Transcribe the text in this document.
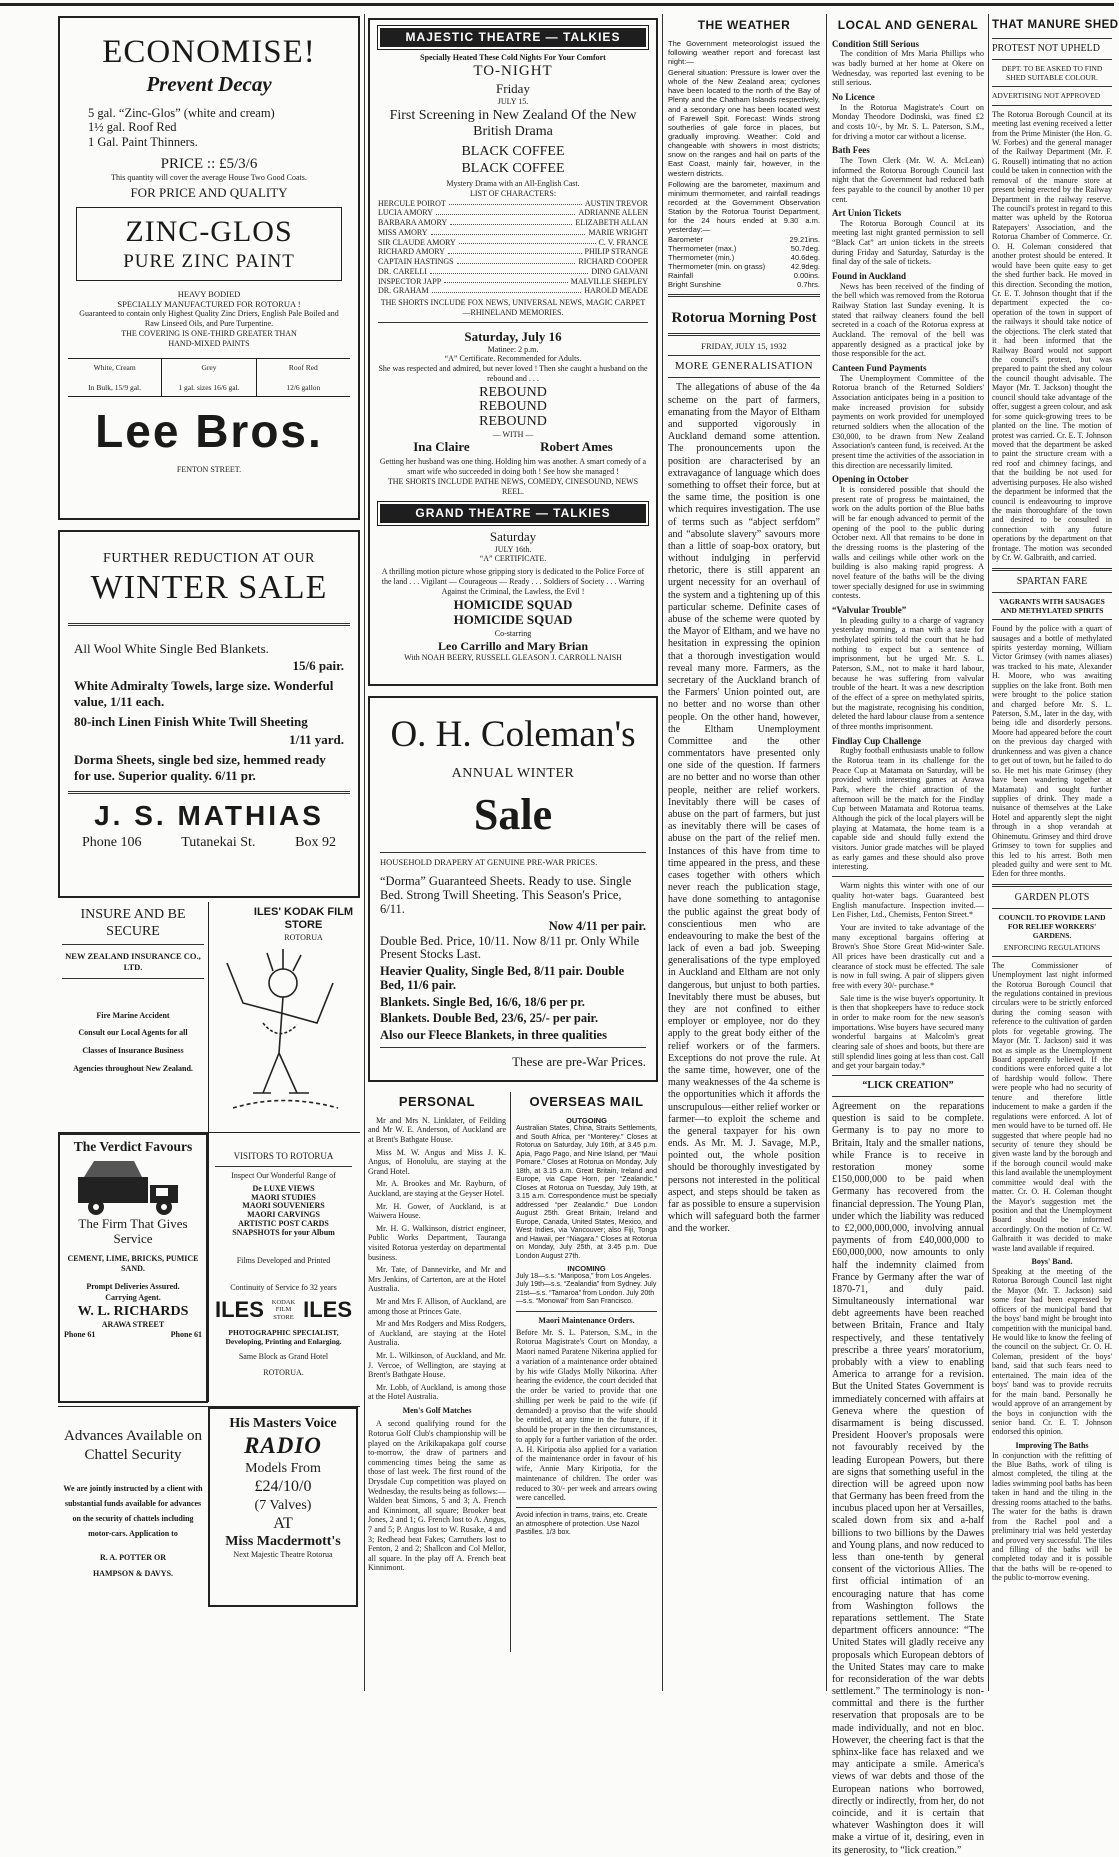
ECONOMISE!
Prevent Decay
5 gal. “Zinc-Glos” (white and cream)
1½ gal. Roof Red
1 Gal. Paint Thinners.
PRICE :: £5/3/6
This quantity will cover the average House Two Good Coats.
FOR PRICE AND QUALITY
ZINC-GLOS
PURE ZINC PAINT
HEAVY BODIED
SPECIALLY MANUFACTURED FOR ROTORUA !
Guaranteed to contain only Highest Quality Zinc Driers, English Pale Boiled and Raw Linseed Oils, and Pure Turpentine.
THE COVERING IS ONE-THIRD GREATER THAN HAND-MIXED PAINTS
White, Cream
In Bulk, 15/9 gal.
Grey
1 gal. sizes 16/6 gal.
Roof Red
12/6 gallon
Lee Bros.
FENTON STREET.
FURTHER REDUCTION AT OUR
WINTER SALE
All Wool White Single Bed Blankets.
15/6 pair.
White Admiralty Towels, large size. Wonderful value, 1/11 each.
80-inch Linen Finish White Twill Sheeting
1/11 yard.
Dorma Sheets, single bed size, hemmed ready for use. Superior quality. 6/11 pr.
J. S. MATHIAS
Phone 106	Tutanekai St.	Box 92
INSURE AND BE SECURE
NEW ZEALAND INSURANCE CO., LTD.
Fire Marine Accident
Consult our Local Agents for all
Classes of Insurance Business
Agencies throughout New Zealand.
ILES' KODAK FILM STORE
ROTORUA
The Verdict Favours
The Firm That Gives Service
CEMENT, LIME, BRICKS, PUMICE SAND.
Prompt Deliveries Assured.
Carrying Agent.
W. L. RICHARDS
ARAWA STREET
Phone 61	Phone 61
VISITORS TO ROTORUA
Inspect Our Wonderful Range of
De LUXE VIEWS
MAORI STUDIES
MAORI SOUVENIERS
MAORI CARVINGS
ARTISTIC POST CARDS
SNAPSHOTS for your Album
Films Developed and Printed
Continuity of Service fo 32 years
ILES	KODAK FILM STORE ILES
PHOTOGRAPHIC SPECIALIST, Developing, Printing and Enlarging.
Same Block as Grand Hotel
ROTORUA.
Advances Available on Chattel Security
We are jointly instructed by a client with substantial funds available for advances on the security of chattels including motor-cars. Application to
R. A. POTTER OR
HAMPSON & DAVYS.
His Masters Voice
RADIO
Models From
£24/10/0
(7 Valves)
AT
Miss Macdermott's
Next Majestic Theatre Rotorua
MAJESTIC THEATRE — TALKIES
Specially Heated These Cold Nights For Your Comfort
TO-NIGHT
Friday
JULY 15.
First Screening in New Zealand Of the New British Drama
BLACK COFFEE
BLACK COFFEE
Mystery Drama with an All-English Cast.
LIST OF CHARACTERS:
HERCULE POIROT	AUSTIN TREVOR
LUCIA AMORY	ADRIANNE ALLEN
BARBARA AMORY	ELIZABETH ALLAN
MISS AMORY	MARIE WRIGHT
SIR CLAUDE AMORY	C. V. FRANCE
RICHARD AMORY	PHILIP STRANGE
CAPTAIN HASTINGS	RICHARD COOPER
DR. CARELLI	DINO GALVANI
INSPECTOR JAPP	MALVILLE SHEPLEY
DR. GRAHAM	HAROLD MEADE
THE SHORTS INCLUDE FOX NEWS, UNIVERSAL NEWS, MAGIC CARPET—RHINELAND MEMORIES.
Saturday, July 16
Matinee: 2 p.m.
“A” Certificate. Recommended for Adults.
She was respected and admired, but never loved ! Then she caught a husband on the rebound and . . .
REBOUND
REBOUND
REBOUND
— WITH —
Ina Claire	Robert Ames
Getting her husband was one thing. Holding him was another. A smart comedy of a smart wife who succeeded in doing both ! See how she managed !
THE SHORTS INCLUDE PATHE NEWS, COMEDY, CINESOUND, NEWS REEL.
GRAND THEATRE — TALKIES
Saturday
JULY 16th.
“A” CERTIFICATE.
A thrilling motion picture whose gripping story is dedicated to the Police Force of the land . . . Vigilant — Courageous — Ready . . . Soldiers of Society . . . Warring Against the Criminal, the Lawless, the Evil !
HOMICIDE SQUAD
HOMICIDE SQUAD
Co-starring
Leo Carrillo and Mary Brian
With NOAH BEERY, RUSSELL GLEASON J. CARROLL NAISH
O. H. Coleman's
ANNUAL WINTER
Sale
HOUSEHOLD DRAPERY AT GENUINE PRE-WAR PRICES.
“Dorma” Guaranteed Sheets. Ready to use. Single Bed. Strong Twill Sheeting. This Season's Price, 6/11.
Now 4/11 per pair.
Double Bed. Price, 10/11. Now 8/11 pr. Only While Present Stocks Last.
Heavier Quality, Single Bed, 8/11 pair. Double Bed, 11/6 pair.
Blankets. Single Bed, 16/6, 18/6 per pr.
Blankets. Double Bed, 23/6, 25/- per pair.
Also our Fleece Blankets, in three qualities
These are pre-War Prices.
PERSONAL

Mr and Mrs N. Linklater, of Feilding and Mr W. E. Anderson, of Auckland are at Brent's Bathgate House.

Miss M. W. Angus and Miss J. K. Angus, of Honolulu, are staying at the Grand Hotel.

Mr. A. Brookes and Mr. Rayburn, of Auckland, are staying at the Geyser Hotel.

Mr. H. Gower, of Auckland, is at Waiwera House.

Mr. H. G. Walkinson, district engineer, Public Works Department, Tauranga visited Rotorua yesterday on departmental business.

Mr. Tate, of Dannevirke, and Mr and Mrs Jenkins, of Carterton, are at the Hotel Australia.

Mr and Mrs F. Allison, of Auckland, are among those at Princes Gate.

Mr and Mrs Rodgers and Miss Rodgers, of Auckland, are staying at the Hotel Australia.

Mr. L. Wilkinson, of Auckland, and Mr. J. Vercoe, of Wellington, are staying at Brent's Bathgate House.

Mr. Lobb, of Auckland, is among those at the Hotel Australia.

Men's Golf Matches

A second qualifying round for the Rotorua Golf Club's championship will be played on the Arikikapakapa golf course to-morrow, the draw of partners and commencing times being the same as those of last week. The first round of the Drysdale Cup competition was played on Wednesday, the results being as follows:—Walden beat Simons, 5 and 3; A. French and Kinnimont, all square; Brooker beat Jones, 2 and 1; G. French lost to A. Angus, 7 and 5; P. Angus lost to W. Rusake, 4 and 3; Redhead beat Fakes; Carruthers lost to Fenton, 2 and 2; Shallcon and Col Mellor, all square. In the play off A. French beat Kinnimont.

OVERSEAS MAIL
OUTGOING
Australian States, China, Straits Settlements, and South Africa, per “Monterey.” Closes at Rotorua on Saturday, July 16th, at 3.45 p.m. Apia, Pago Pago, and Nine Island, per “Maui Pomare.” Closes at Rotorua on Monday, July 18th, at 3.15 a.m. Great Britain, Ireland and Europe, via Cape Horn, per “Zealandic.” Closes at Rotorua on Tuesday, July 19th, at 3.15 a.m. Correspondence must be specially addressed “per Zealandic.” Due London August 25th. Great Britain, Ireland and Europe, Canada, United States, Mexico, and West Indies, via Vancouver; also Fiji, Tonga and Hawaii, per “Niagara.” Closes at Rotorua on Monday, July 25th, at 3.45 p.m. Due London August 27th.
INCOMING
July 18—s.s. “Mariposa,” from Los Angeles. July 19th—s.s. “Zealandia” from Sydney. July 21st—s.s. “Tamaroa” from London. July 20th—s.s. “Monowai” from San Francisco.
Maori Maintenance Orders.
Before Mr. S. L. Paterson, S.M., in the Rotorua Magistrate's Court on Monday, a Maori named Paratene Nikerina applied for a variation of a maintenance order obtained by his wife Gladys Molly Nikorina. After hearing the evidence, the court decided that the order be varied to provide that one shilling per week be paid to the wife (if demanded) a proviso that the wife should be entitled, at any time in the future, if it should be proper in the then circumstances, to apply for a further variation of the order. A. H. Kiripotia also applied for a variation of the maintenance order in favour of his wife, Annie Mary Kiripotia, for the maintenance of children. The order was reduced to 30/- per week and arrears owing were cancelled.
Avoid infection in trams, trains, etc. Create an atmosphere of protection. Use Nazol Pastilles. 1/3 box.
THE WEATHER
The Government meteorologist issued the following weather report and forecast last night:—
General situation: Pressure is lower over the whole of the New Zealand area; cyclones have been located to the north of the Bay of Plenty and the Chatham Islands respectively, and a secondary one has been located west of Farewell Spit. Forecast: Winds strong southerlies of gale force in places, but gradually improving. Weather: Cold and changeable with showers in most districts; snow on the ranges and hail on parts of the East Coast, mainly fair, however, in the western districts.
Following are the barometer, maximum and minimum thermometer, and rainfall readings recorded at the Government Observation Station by the Rotorua Tourist Department, for the 24 hours ended at 9.30 a.m. yesterday:—
Barometer	29.21ins.
Thermometer (max.)	50.7deg.
Thermometer (min.)	40.6deg.
Thermometer (min. on grass)	42.9deg.
Rainfall	0.00ins.
Bright Sunshine	0.7hrs.
Rotorua Morning Post
FRIDAY, JULY 15, 1932
MORE GENERALISATION

The allegations of abuse of the 4a scheme on the part of farmers, emanating from the Mayor of Eltham and supported vigorously in Auckland demand some attention. The pronouncements upon the position are characterised by an extravagance of language which does something to offset their force, but at the same time, the position is one which requires investigation. The use of terms such as “abject serfdom” and “absolute slavery” savours more than a little of soap-box oratory, but without indulging in perfervid rhetoric, there is still apparent an urgent necessity for an overhaul of the system and a tightening up of this particular scheme. Definite cases of abuse of the scheme were quoted by the Mayor of Eltham, and we have no hesitation in expressing the opinion that a thorough investigation would reveal many more. Farmers, as the secretary of the Auckland branch of the Farmers' Union pointed out, are no better and no worse than other people. On the other hand, however, the Eltham Unemployment Committee and the other commentators have presented only one side of the question. If farmers are no better and no worse than other people, neither are relief workers. Inevitably there will be cases of abuse on the part of farmers, but just as inevitably there will be cases of abuse on the part of the relief men. Instances of this have from time to time appeared in the press, and these cases together with others which never reach the publication stage, have done something to antagonise the public against the great body of conscientious men who are endeavouring to make the best of the lack of even a bad job. Sweeping generalisations of the type employed in Auckland and Eltham are not only dangerous, but unjust to both parties. Inevitably there must be abuses, but they are not confined to either employer or employee, nor do they apply to the great body either of the relief workers or of the farmers. Exceptions do not prove the rule. At the same time, however, one of the many weaknesses of the 4a scheme is the opportunities which it affords the unscrupulous—either relief worker or farmer—to exploit the scheme and the general taxpayer for his own ends. As Mr. M. J. Savage, M.P., pointed out, the whole position should be thoroughly investigated by persons not interested in the political aspect, and steps should be taken as far as possible to ensure a supervision which will safeguard both the farmer and the worker.

LOCAL AND GENERAL
Condition Still Serious

The condition of Mrs Maria Phillips who was badly burned at her home at Okere on Wednesday, was reported last evening to be still serious.

No Licence

In the Rotorua Magistrate's Court on Monday Theodore Dodinski, was fined £2 and costs 10/-, by Mr. S. L. Paterson, S.M., for driving a motor car without a license.

Bath Fees

The Town Clerk (Mr. W. A. McLean) informed the Rotorua Borough Council last night that the Government had reduced bath fees payable to the council by another 10 per cent.

Art Union Tickets

The Rotorua Borough Council at its meeting last night granted permission to sell “Black Cat” art union tickets in the streets during Friday and Saturday, Saturday is the final day of the sale of tickets.

Found in Auckland

News has been received of the finding of the bell which was removed from the Rotorua Railway Station last Sunday evening. It is stated that railway cleaners found the bell secreted in a coach of the Rotorua express at Auckland. The removal of the bell was apparently designed as a practical joke by those responsible for the act.

Canteen Fund Payments

The Unemployment Committee of the Rotorua branch of the Returned Soldiers' Association anticipates being in a position to make increased provision for subsidy payments on work provided for unemployed returned soldiers when the allocation of the £30,000, to be drawn from New Zealand Association's canteen fund, is received. At the present time the activities of the association in this direction are necessarily limited.

Opening in October

It is considered possible that should the present rate of progress be maintained, the work on the adults portion of the Blue baths will be far enough advanced to permit of the opening of the pool to the public during October next. All that remains to be done in the dressing rooms is the plastering of the walls and ceilings while other work on the building is also making rapid progress. A novel feature of the baths will be the diving tower specially designed for use in swimming contests.

“Valvular Trouble”

In pleading guilty to a charge of vagrancy yesterday morning, a man with a taste for methylated spirits told the court that he had nothing to expect but a sentence of imprisonment, but he urged Mr. S. L. Paterson, S.M., not to make it hard labour, because he was suffering from valvular trouble of the heart. It was a new description of the effect of a spree on methylated spirits, but the magistrate, recognising his condition, deleted the hard labour clause from a sentence of three months imprisonment.

Findlay Cup Challenge

Rugby football enthusiasts unable to follow the Rotorua team in its challenge for the Peace Cup at Matamata on Saturday, will be provided with interesting games at Arawa Park, where the chief attraction of the afternoon will be the match for the Findlay Cup between Matamata and Rotorua teams. Although the pick of the local players will be playing at Matamata, the home team is a capable side and should fully extend the visitors. Junior grade matches will be played as early games and these should also prove interesting.

Warm nights this winter with one of our quality hot-water bags. Guaranteed best English manufacture. Inspection invited.—Len Fisher, Ltd., Chemists, Fenton Street.*

Your are invited to take advantage of the many exceptional bargains offering at Brown's Shoe Store Great Mid-winter Sale. All prices have been drastically cut and a clearance of stock must be effected. The sale is now in full swing. A pair of slippers given free with every 30/- purchase.*

Sale time is the wise buyer's opportunity. It is then that shopkeepers have to reduce stock in order to make room for the new season's importations. Wise buyers have secured many wonderful bargains at Malcolm's great clearing sale of shoes and boots, but there are still splendid lines going at less than cost. Call and get your bargain today.*

“LICK CREATION”
Agreement on the reparations question is said to be complete. Germany is to pay no more to Britain, Italy and the smaller nations, while France is to receive in restoration money some £150,000,000 to be paid when Germany has recovered from the financial depression. The Young Plan, under which the liability was reduced to £2,000,000,000, involving annual payments of from £40,000,000 to £60,000,000, now amounts to only half the indemnity claimed from France by Germany after the war of 1870-71, and duly paid. Simultaneously international war debt agreements have been reached between Britain, France and Italy respectively, and these tentatively prescribe a three years' moratorium, probably with a view to enabling America to arrange for a revision. But the United States Government is immediately concerned with affairs at Geneva where the question of disarmament is being discussed. President Hoover's proposals were not favourably received by the leading European Powers, but there are signs that something useful in the direction will be agreed upon now that Germany has been freed from the incubus placed upon her at Versailles, scaled down from six and a-half billions to two billions by the Dawes and Young plans, and now reduced to less than one-tenth by general consent of the victorious Allies. The first official intimation of an encouraging nature that has come from Washington follows the reparations settlement. The State department officers announce: “The United States will gladly receive any proposals which European debtors of the United States may care to make for reconsideration of the war debts settlement.” The terminology is non-committal and there is the further reservation that proposals are to be made individually, and not en bloc. However, the cheering fact is that the sphinx-like face has relaxed and we may anticipate a smile. America's views of war debts and those of the European nations who borrowed, directly or indirectly, from her, do not coincide, and it is certain that whatever Washington does it will make a virtue of it, desiring, even in its generosity, to “lick creation.”
THAT MANURE SHED
PROTEST NOT UPHELD
DEPT. TO BE ASKED TO FIND SHED SUITABLE COLOUR.
ADVERTISING NOT APPROVED
The Rotorua Borough Council at its meeting last evening received a letter from the Prime Minister (the Hon. G. W. Forbes) and the general manager of the Railway Department (Mr. F. G. Rousell) intimating that no action could be taken in connection with the removal of the manure store at present being erected by the Railway Department in the railway reserve. The council's protest in regard to this matter was upheld by the Rotorua Ratepayers' Association, and the Rotorua Chamber of Commerce. Cr. O. H. Coleman considered that another protest should be entered. It would have been quite easy to get the shed further back. He moved in this direction. Seconding the motion, Cr. E. T. Johnson thought that if the department expected the co-operation of the town in support of the railways it should take notice of the objections. The clerk stated that it had been informed that the Railway Board would not support the council's protest, but was prepared to paint the shed any colour the council thought advisable. The Mayor (Mr. T. Jackson) thought the council should take advantage of the offer, suggest a green colour, and ask for some quick-growing trees to be planted on the line. The motion of protest was carried. Cr. E. T. Johnson moved that the department be asked to paint the structure cream with a red roof and chimney facings, and that the building be not used for advertising purposes. He also wished the department be informed that the council is endeavouring to improve the main thoroughfare of the town and desired to be consulted in connection with any future operations by the department on that frontage. The motion was seconded by Cr. W. Galbraith, and carried.
SPARTAN FARE
VAGRANTS WITH SAUSAGES AND METHYLATED SPIRITS
Found by the police with a quart of sausages and a bottle of methylated spirits yesterday morning, William Victor Grimsey (with names aliases) was tracked to his mate, Alexander H. Moore, who was awaiting supplies on the lake front. Both men were brought to the police station and charged before Mr. S. L. Paterson, S.M., later in the day, with being idle and disorderly persons. Moore had appeared before the court on the previous day charged with drunkenness and was given a chance to get out of town, but he failed to do so. He met his mate Grimsey (they have been wandering together at Matamata) and sought further supplies of drink. They made a nuisance of themselves at the Lake Hotel and apparently slept the night through in a shop verandah at Ohinemutu. Grimsey and third drove Grimsey to town for supplies and this led to his arrest. Both men pleaded guilty and were sent to Mt. Eden for three months.
GARDEN PLOTS
COUNCIL TO PROVIDE LAND FOR RELIEF WORKERS' GARDENS.
ENFORCING REGULATIONS
The Commissioner of Unemployment last night informed the Rotorua Borough Council that the regulations contained in previous circulars were to be strictly enforced during the coming season with reference to the cultivation of garden plots for vegetable growing. The Mayor (Mr. T. Jackson) said it was not as simple as the Unemployment Board apparently believed. If the conditions were enforced quite a lot of hardship would follow. There were people who had no security of tenure and therefore little inducement to make a garden if the regulations were enforced. A lot of men would have to be turned off. He suggested that where people had no security of tenure they should be given waste land by the borough and if the borough council would make this land available the unemployment committee would deal with the matter. Cr. O. H. Coleman thought the Mayor's suggestion met the position and that the Unemployment Board should be informed accordingly. On the motion of Cr. W. Galbraith it was decided to make waste land available if required.
Boys' Band.
Speaking at the meeting of the Rotorua Borough Council last night the Mayor (Mr. T. Jackson) said some fear had been expressed by officers of the municipal band that the boys' band might be brought into competition with the municipal band. He would like to know the feeling of the council on the subject. Cr. O. H. Coleman, president of the boys' band, said that such fears need to entertained. The main idea of the boys' band was to provide recruits for the main band. Personally he would approve of an arrangement by the boys in conjunction with the senior band. Cr. E. T. Johnson endorsed this opinion.
Improving The Baths
In conjunction with the refitting of the Blue Baths, work of tiling is almost completed, the tiling at the ladies swimming pool baths has been taken in hand and the tiling in the dressing rooms attached to the baths. The water for the baths is drawn from the Rachel pool and a preliminary trial was held yesterday and proved very successful. The tiles and filling of the baths will be completed today and it is possible that the baths will be re-opened to the public to-morrow evening.
